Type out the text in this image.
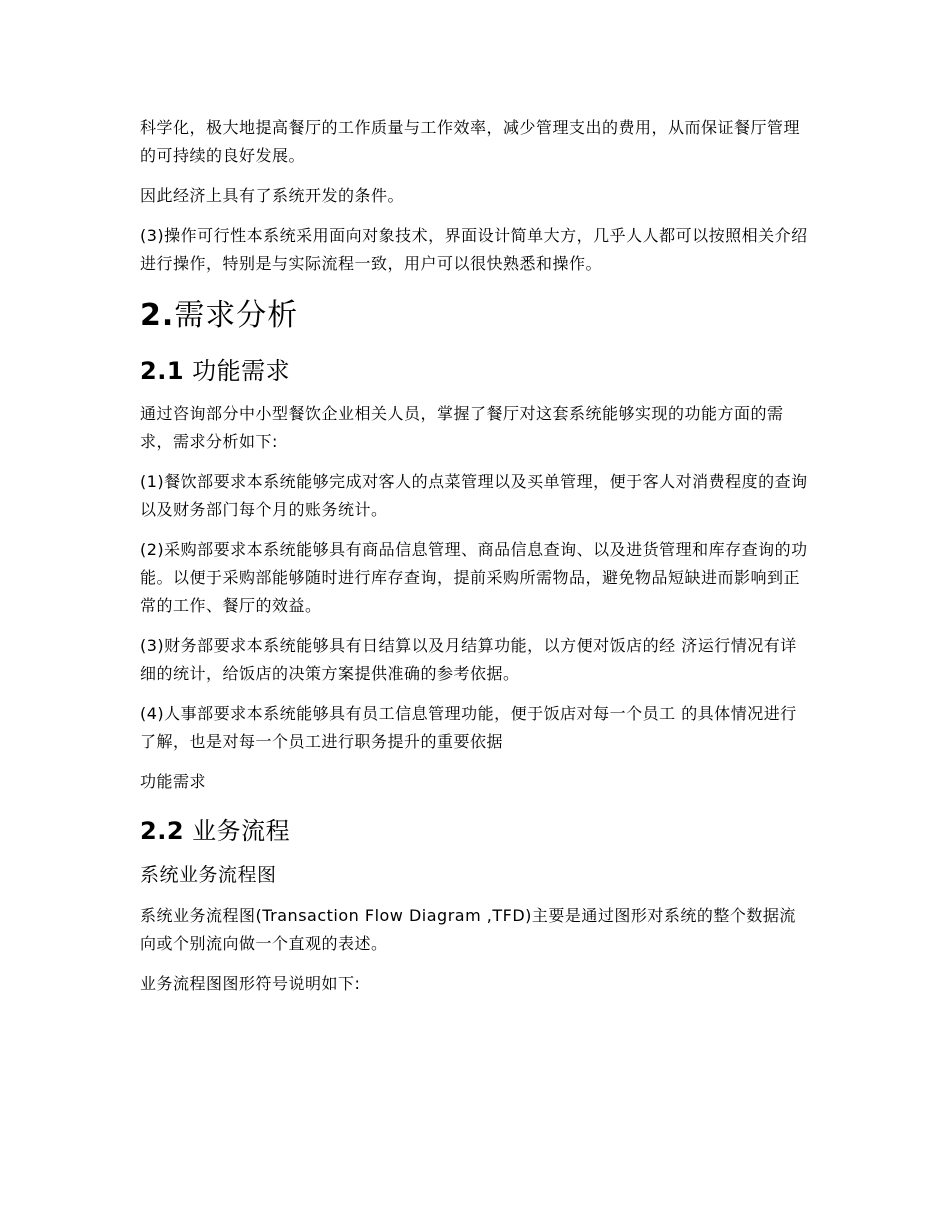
科学化，极大地提高餐厅的工作质量与工作效率，减少管理支出的费用，从而保证餐厅管理的可持续的良好发展。

因此经济上具有了系统开发的条件。

(3)操作可行性本系统采用面向对象技术，界面设计简单大方，几乎人人都可以按照相关介绍进行操作，特别是与实际流程一致，用户可以很快熟悉和操作。

2.需求分析
2.1 功能需求

通过咨询部分中小型餐饮企业相关人员，掌握了餐厅对这套系统能够实现的功能方面的需求，需求分析如下:

(1)餐饮部要求本系统能够完成对客人的点菜管理以及买单管理，便于客人对消费程度的查询以及财务部门每个月的账务统计。

(2)采购部要求本系统能够具有商品信息管理、商品信息查询、以及进货管理和库存查询的功能。以便于采购部能够随时进行库存查询，提前采购所需物品，避免物品短缺进而影响到正常的工作、餐厅的效益。

(3)财务部要求本系统能够具有日结算以及月结算功能，以方便对饭店的经 济运行情况有详细的统计，给饭店的决策方案提供准确的参考依据。

(4)人事部要求本系统能够具有员工信息管理功能，便于饭店对每一个员工 的具体情况进行了解，也是对每一个员工进行职务提升的重要依据

功能需求

2.2 业务流程
系统业务流程图

系统业务流程图(Transaction Flow Diagram ,TFD)主要是通过图形对系统的整个数据流向或个别流向做一个直观的表述。

业务流程图图形符号说明如下:
